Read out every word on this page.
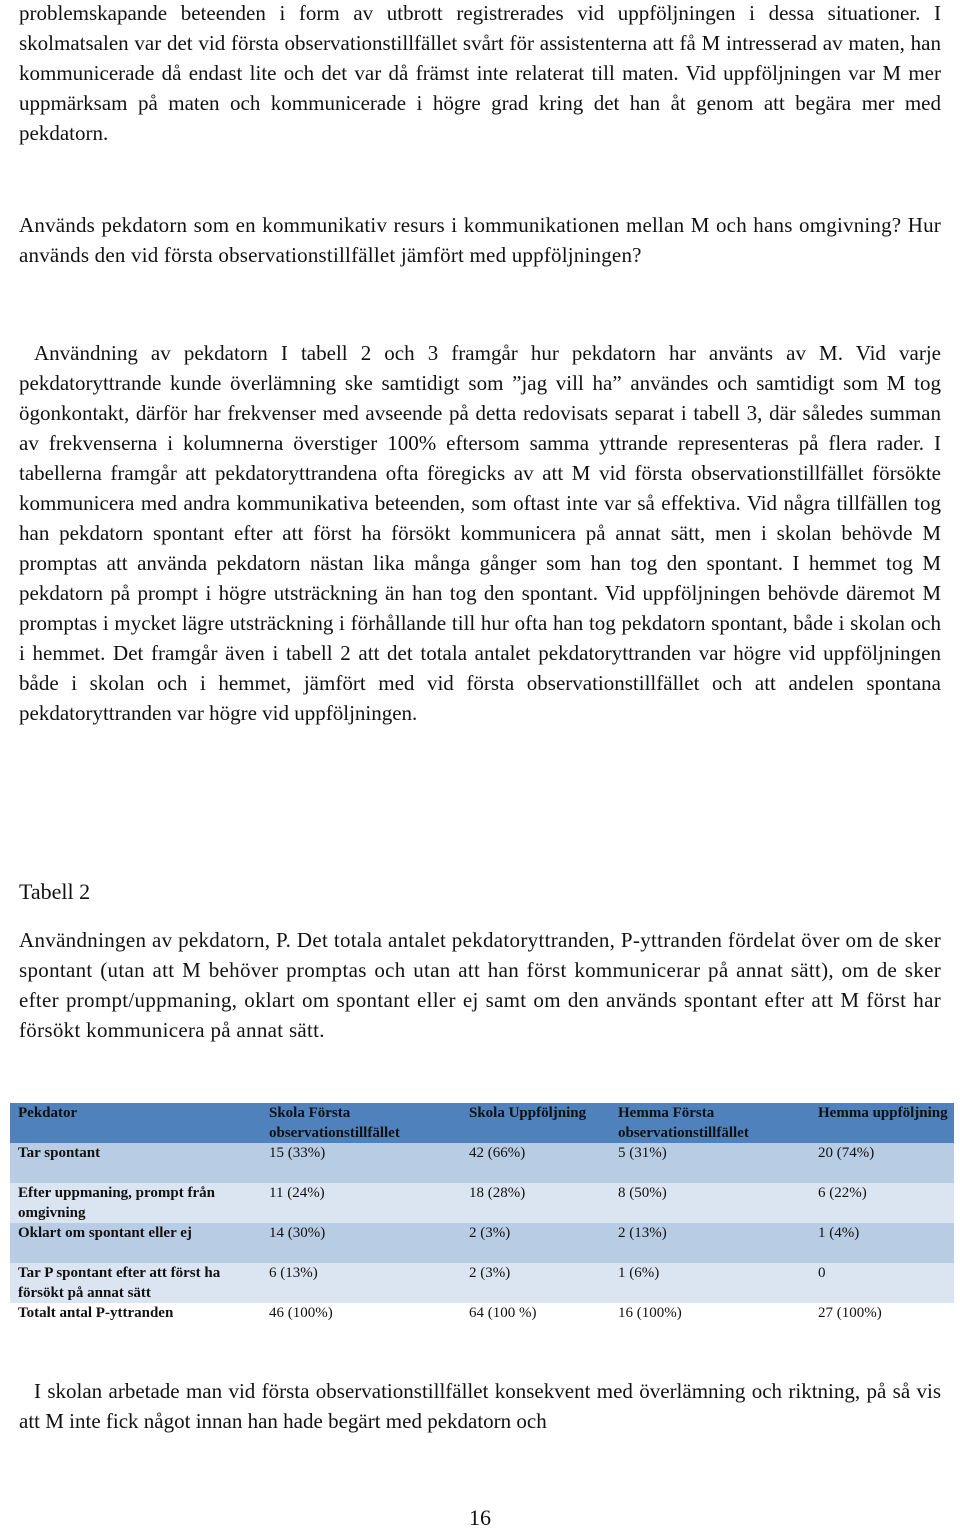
problemskapande beteenden i form av utbrott registrerades vid uppföljningen i dessa situationer. I skolmatsalen var det vid första observationstillfället svårt för assistenterna att få M intresserad av maten, han kommunicerade då endast lite och det var då främst inte relaterat till maten. Vid uppföljningen var M mer uppmärksam på maten och kommunicerade i högre grad kring det han åt genom att begära mer med pekdatorn.
Används pekdatorn som en kommunikativ resurs i kommunikationen mellan M och hans omgivning? Hur används den vid första observationstillfället jämfört med uppföljningen?
Användning av pekdatorn I tabell 2 och 3 framgår hur pekdatorn har använts av M. Vid varje pekdatoryttrande kunde överlämning ske samtidigt som ”jag vill ha” användes och samtidigt som M tog ögonkontakt, därför har frekvenser med avseende på detta redovisats separat i tabell 3, där således summan av frekvenserna i kolumnerna överstiger 100% eftersom samma yttrande representeras på flera rader. I tabellerna framgår att pekdatoryttrandena ofta föregicks av att M vid första observationstillfället försökte kommunicera med andra kommunikativa beteenden, som oftast inte var så effektiva. Vid några tillfällen tog han pekdatorn spontant efter att först ha försökt kommunicera på annat sätt, men i skolan behövde M promptas att använda pekdatorn nästan lika många gånger som han tog den spontant. I hemmet tog M pekdatorn på prompt i högre utsträckning än han tog den spontant. Vid uppföljningen behövde däremot M promptas i mycket lägre utsträckning i förhållande till hur ofta han tog pekdatorn spontant, både i skolan och i hemmet. Det framgår även i tabell 2 att det totala antalet pekdatoryttranden var högre vid uppföljningen både i skolan och i hemmet, jämfört med vid första observationstillfället och att andelen spontana pekdatoryttranden var högre vid uppföljningen.
Tabell 2
Användningen av pekdatorn, P. Det totala antalet pekdatoryttranden, P-yttranden fördelat över om de sker spontant (utan att M behöver promptas och utan att han först kommunicerar på annat sätt), om de sker efter prompt/uppmaning, oklart om spontant eller ej samt om den används spontant efter att M först har försökt kommunicera på annat sätt.
Pekdator	Skola Första observationstillfället	Skola Uppföljning	Hemma Första observationstillfället	Hemma uppföljning
Tar spontant	15 (33%)	42 (66%)	5 (31%)	20 (74%)
Efter uppmaning, prompt från omgivning	11 (24%)	18 (28%)	8 (50%)	6 (22%)
Oklart om spontant eller ej	14 (30%)	2 (3%)	2 (13%)	1 (4%)
Tar P spontant efter att först ha försökt på annat sätt	6 (13%)	2 (3%)	1 (6%)	0
Totalt antal P-yttranden	46 (100%)	64 (100 %)	16 (100%)	27 (100%)
I skolan arbetade man vid första observationstillfället konsekvent med överlämning och riktning, på så vis att M inte fick något innan han hade begärt med pekdatorn och
16
